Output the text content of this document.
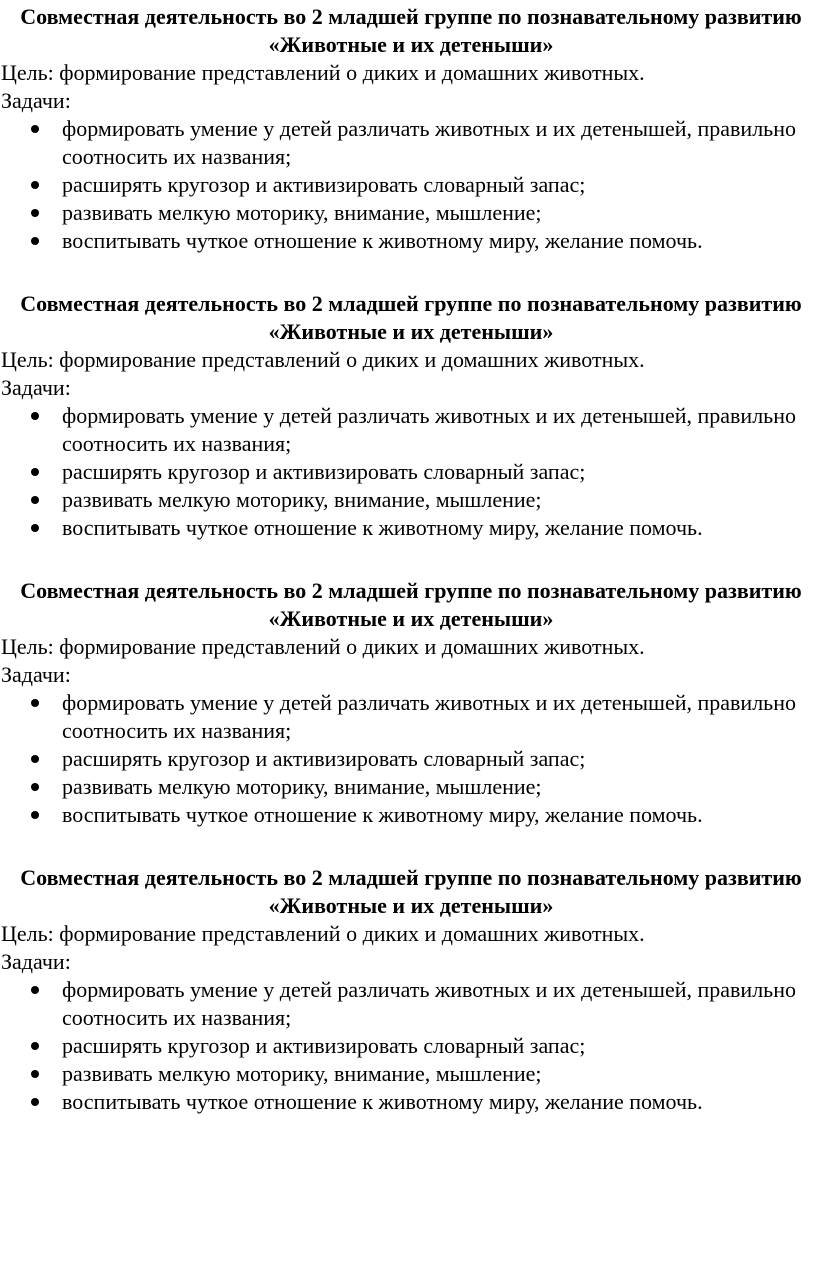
Совместная деятельность во 2 младшей группе по познавательному развитию «Животные и их детеныши»

Цель: формирование представлений о диких и домашних животных.

Задачи:

формировать умение у детей различать животных и их детенышей, правильно соотносить их названия;
расширять кругозор и активизировать словарный запас;
развивать мелкую моторику, внимание, мышление;
воспитывать чуткое отношение к животному миру, желание помочь.

Совместная деятельность во 2 младшей группе по познавательному развитию «Животные и их детеныши»

Цель: формирование представлений о диких и домашних животных.

Задачи:

формировать умение у детей различать животных и их детенышей, правильно соотносить их названия;
расширять кругозор и активизировать словарный запас;
развивать мелкую моторику, внимание, мышление;
воспитывать чуткое отношение к животному миру, желание помочь.

Совместная деятельность во 2 младшей группе по познавательному развитию «Животные и их детеныши»

Цель: формирование представлений о диких и домашних животных.

Задачи:

формировать умение у детей различать животных и их детенышей, правильно соотносить их названия;
расширять кругозор и активизировать словарный запас;
развивать мелкую моторику, внимание, мышление;
воспитывать чуткое отношение к животному миру, желание помочь.

Совместная деятельность во 2 младшей группе по познавательному развитию «Животные и их детеныши»

Цель: формирование представлений о диких и домашних животных.

Задачи:

формировать умение у детей различать животных и их детенышей, правильно соотносить их названия;
расширять кругозор и активизировать словарный запас;
развивать мелкую моторику, внимание, мышление;
воспитывать чуткое отношение к животному миру, желание помочь.
